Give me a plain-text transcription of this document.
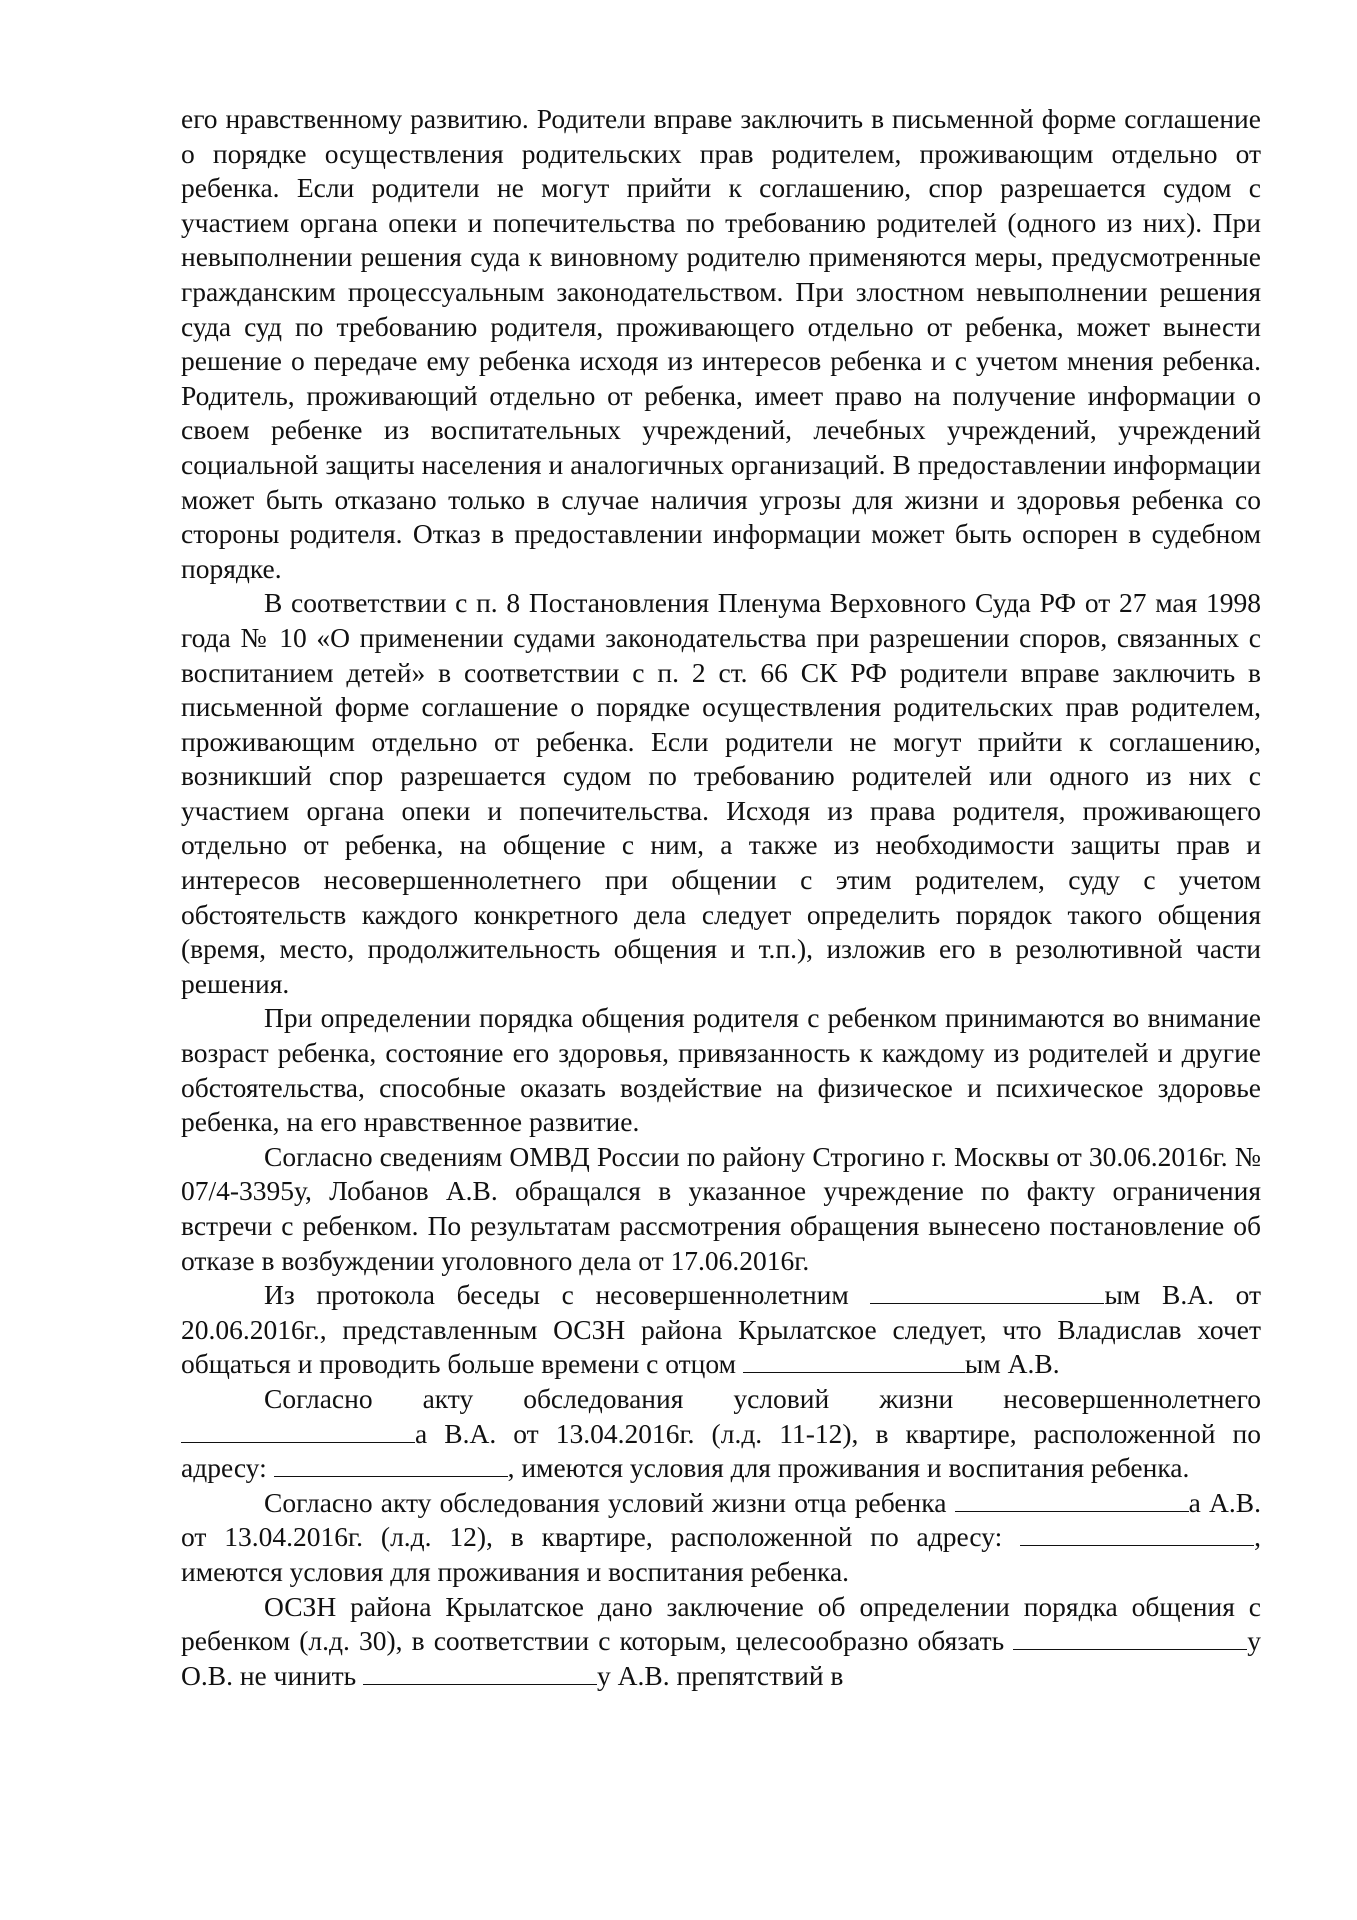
его нравственному развитию. Родители вправе заключить в письменной форме соглашение о порядке осуществления родительских прав родителем, проживающим отдельно от ребенка. Если родители не могут прийти к соглашению, спор разрешается судом с участием органа опеки и попечительства по требованию родителей (одного из них). При невыполнении решения суда к виновному родителю применяются меры, предусмотренные гражданским процессуальным законодательством. При злостном невыполнении решения суда суд по требованию родителя, проживающего отдельно от ребенка, может вынести решение о передаче ему ребенка исходя из интересов ребенка и с учетом мнения ребенка. Родитель, проживающий отдельно от ребенка, имеет право на получение информации о своем ребенке из воспитательных учреждений, лечебных учреждений, учреждений социальной защиты населения и аналогичных организаций. В предоставлении информации может быть отказано только в случае наличия угрозы для жизни и здоровья ребенка со стороны родителя. Отказ в предоставлении информации может быть оспорен в судебном порядке.

В соответствии с п. 8 Постановления Пленума Верховного Суда РФ от 27 мая 1998 года № 10 «О применении судами законодательства при разрешении споров, связанных с воспитанием детей» в соответствии с п. 2 ст. 66 СК РФ родители вправе заключить в письменной форме соглашение о порядке осуществления родительских прав родителем, проживающим отдельно от ребенка. Если родители не могут прийти к соглашению, возникший спор разрешается судом по требованию родителей или одного из них с участием органа опеки и попечительства. Исходя из права родителя, проживающего отдельно от ребенка, на общение с ним, а также из необходимости защиты прав и интересов несовершеннолетнего при общении с этим родителем, суду с учетом обстоятельств каждого конкретного дела следует определить порядок такого общения (время, место, продолжительность общения и т.п.), изложив его в резолютивной части решения.

При определении порядка общения родителя с ребенком принимаются во внимание возраст ребенка, состояние его здоровья, привязанность к каждому из родителей и другие обстоятельства, способные оказать воздействие на физическое и психическое здоровье ребенка, на его нравственное развитие.

Согласно сведениям ОМВД России по району Строгино г. Москвы от 30.06.2016г. № 07/4-3395у, Лобанов А.В. обращался в указанное учреждение по факту ограничения встречи с ребенком. По результатам рассмотрения обращения вынесено постановление об отказе в возбуждении уголовного дела от 17.06.2016г.

Из протокола беседы с несовершеннолетним	ым В.А. от 20.06.2016г., представленным ОСЗН района Крылатское следует, что Владислав хочет общаться и проводить больше времени с отцом	ым А.В.

Согласно акту обследования условий жизни несовершеннолетнего а В.А. от 13.04.2016г. (л.д. 11-12), в квартире, расположенной по адресу:	, имеются условия для проживания и воспитания ребенка.

Согласно акту обследования условий жизни отца ребенка	а А.В. от 13.04.2016г. (л.д. 12), в квартире, расположенной по адресу:	, имеются условия для проживания и воспитания ребенка.

ОСЗН района Крылатское дано заключение об определении порядка общения с ребенком (л.д. 30), в соответствии с которым, целесообразно обязать	у О.В. не чинить	у А.В. препятствий в
